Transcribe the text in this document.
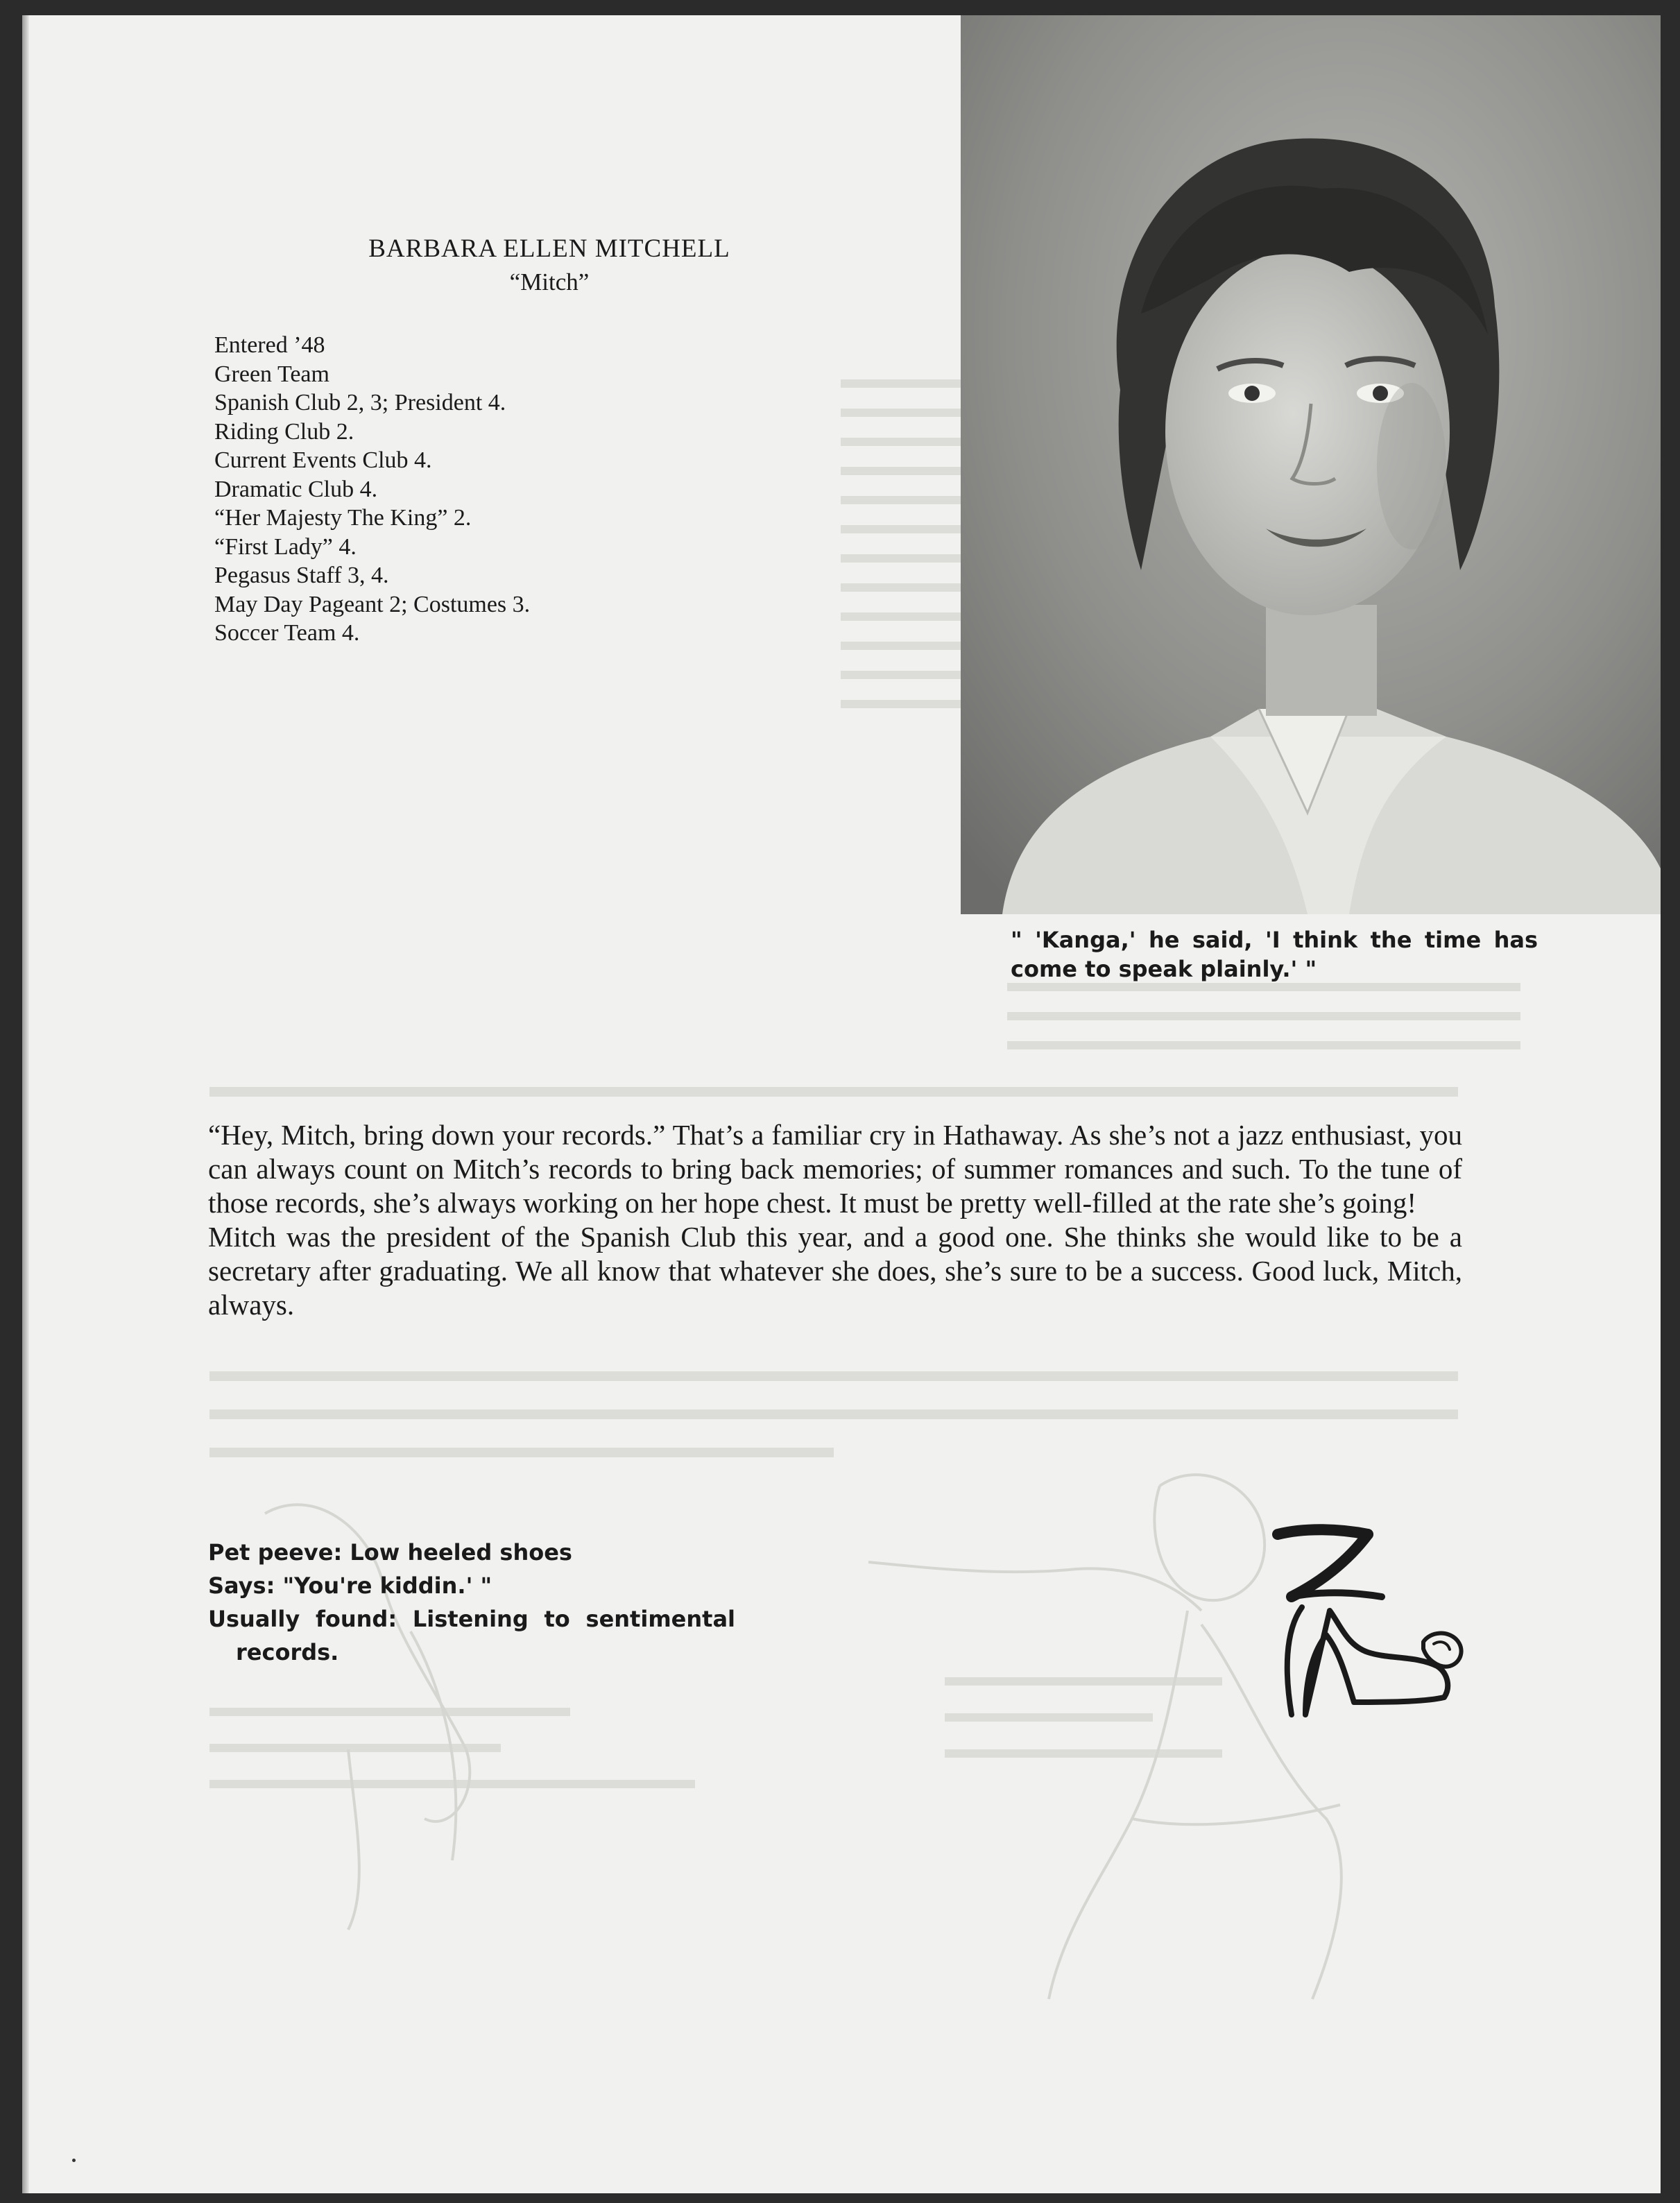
BARBARA ELLEN MITCHELL
“Mitch”
Entered ’48
Green Team
Spanish Club 2, 3; President 4.
Riding Club 2.
Current Events Club 4.
Dramatic Club 4.
“Her Majesty The King” 2.
“First Lady” 4.
Pegasus Staff 3, 4.
May Day Pageant 2; Costumes 3.
Soccer Team 4.
" 'Kanga,' he said, 'I think the time has come to speak plainly.' "

“Hey, Mitch, bring down your records.” That’s a familiar cry in Hathaway. As she’s not a jazz enthusiast, you can always count on Mitch’s records to bring back memories; of summer romances and such. To the tune of those records, she’s always working on her hope chest. It must be pretty well-filled at the rate she’s going!

Mitch was the president of the Spanish Club this year, and a good one. She thinks she would like to be a secretary after graduating. We all know that whatever she does, she’s sure to be a success. Good luck, Mitch, always.

Pet peeve: Low heeled shoes
Says: "You're kiddin.' "
Usually found: Listening to sentimental records.
